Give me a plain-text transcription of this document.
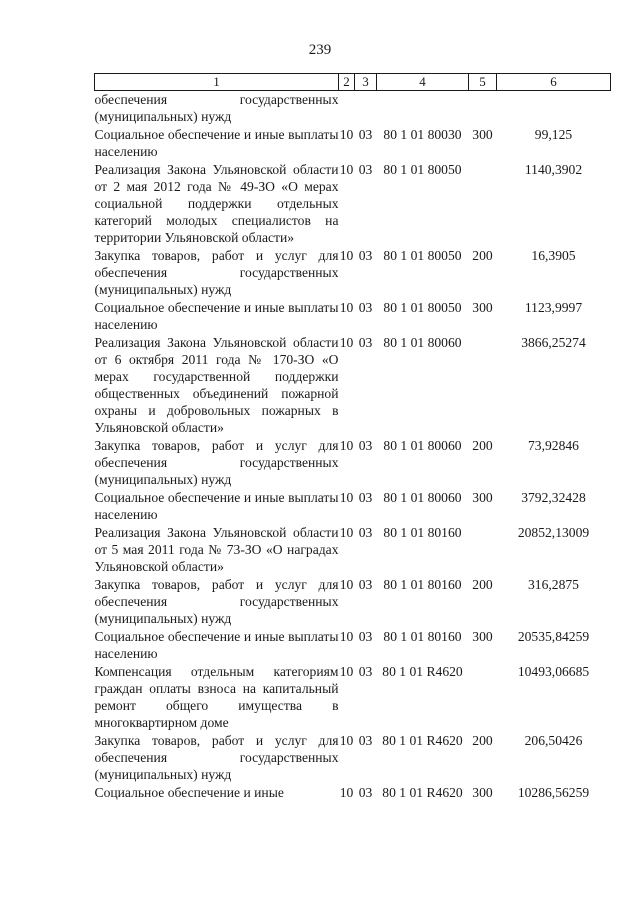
239
1	2	3	4	5	6
обеспечения государственных (муниципальных) нужд					
Социальное обеспечение и иные выплаты населению	10	03	80 1 01 80030	300	99,125
Реализация Закона Ульяновской области от 2 мая 2012 года № 49-ЗО «О мерах социальной поддержки отдельных категорий молодых специалистов на территории Ульяновской области»	10	03	80 1 01 80050		1140,3902
Закупка товаров, работ и услуг для обеспечения государственных (муниципальных) нужд	10	03	80 1 01 80050	200	16,3905
Социальное обеспечение и иные выплаты населению	10	03	80 1 01 80050	300	1123,9997
Реализация Закона Ульяновской области от 6 октября 2011 года № 170-ЗО «О мерах государственной поддержки общественных объединений пожарной охраны и добровольных пожарных в Ульяновской области»	10	03	80 1 01 80060		3866,25274
Закупка товаров, работ и услуг для обеспечения государственных (муниципальных) нужд	10	03	80 1 01 80060	200	73,92846
Социальное обеспечение и иные выплаты населению	10	03	80 1 01 80060	300	3792,32428
Реализация Закона Ульяновской области от 5 мая 2011 года № 73-ЗО «О наградах Ульяновской области»	10	03	80 1 01 80160		20852,13009
Закупка товаров, работ и услуг для обеспечения государственных (муниципальных) нужд	10	03	80 1 01 80160	200	316,2875
Социальное обеспечение и иные выплаты населению	10	03	80 1 01 80160	300	20535,84259
Компенсация отдельным категориям граждан оплаты взноса на капитальный ремонт общего имущества в многоквартирном доме	10	03	80 1 01 R4620		10493,06685
Закупка товаров, работ и услуг для обеспечения государственных (муниципальных) нужд	10	03	80 1 01 R4620	200	206,50426
Социальное обеспечение и иные	10	03	80 1 01 R4620	300	10286,56259
